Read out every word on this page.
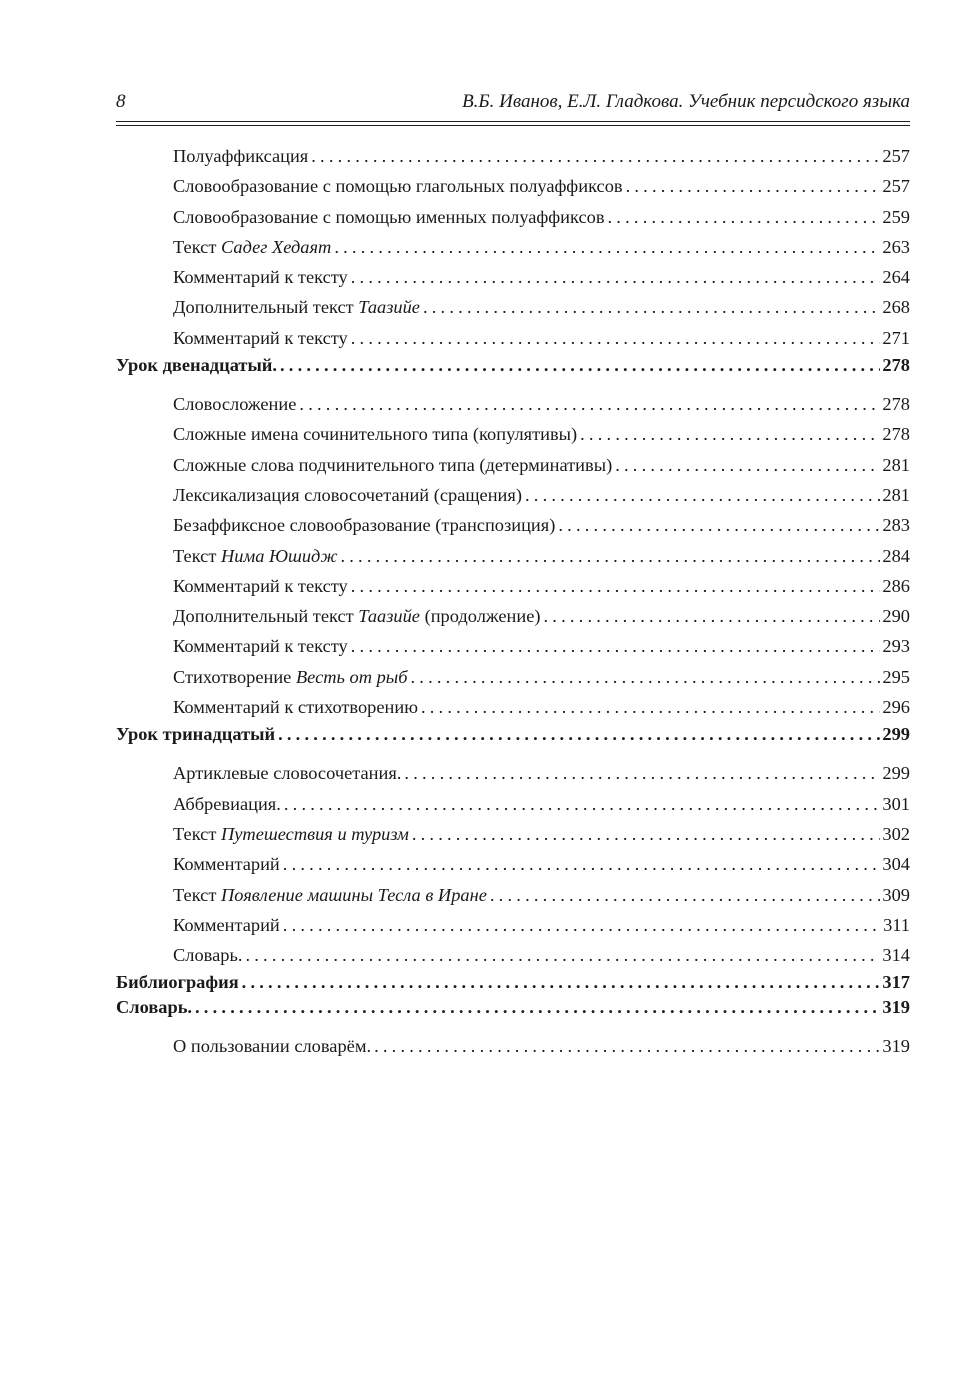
8	В.Б. Иванов, Е.Л. Гладкова. Учебник персидского языка
Полуаффиксация . . .	257
Словообразование с помощью глагольных полуаффиксов . . .	257
Словообразование с помощью именных полуаффиксов . . .	259
Текст Садег Хедаят . . .	263
Комментарий к тексту . . .	264
Дополнительный текст Таазийе . . .	268
Комментарий к тексту . . .	271
Урок двенадцатый. . . .	278
Словосложение . . .	278
Сложные имена сочинительного типа (копулятивы) . . .	278
Сложные слова подчинительного типа (детерминативы) . . .	281
Лексикализация словосочетаний (сращения) . . .	281
Безаффиксное словообразование (транспозиция) . . .	283
Текст Нима Юшидж . . .	284
Комментарий к тексту . . .	286
Дополнительный текст Таазийе (продолжение) . . .	290
Комментарий к тексту . . .	293
Стихотворение Весть от рыб . . .	295
Комментарий к стихотворению . . .	296
Урок тринадцатый . . .	299
Артиклевые словосочетания. . . .	299
Аббревиация. . . .	301
Текст Путешествия и туризм . . .	302
Комментарий . . .	304
Текст Появление машины Тесла в Иране . . .	309
Комментарий . . .	311
Словарь. . . .	314
Библиография . . .	317
Словарь. . . .	319
О пользовании словарём. . . .	319
